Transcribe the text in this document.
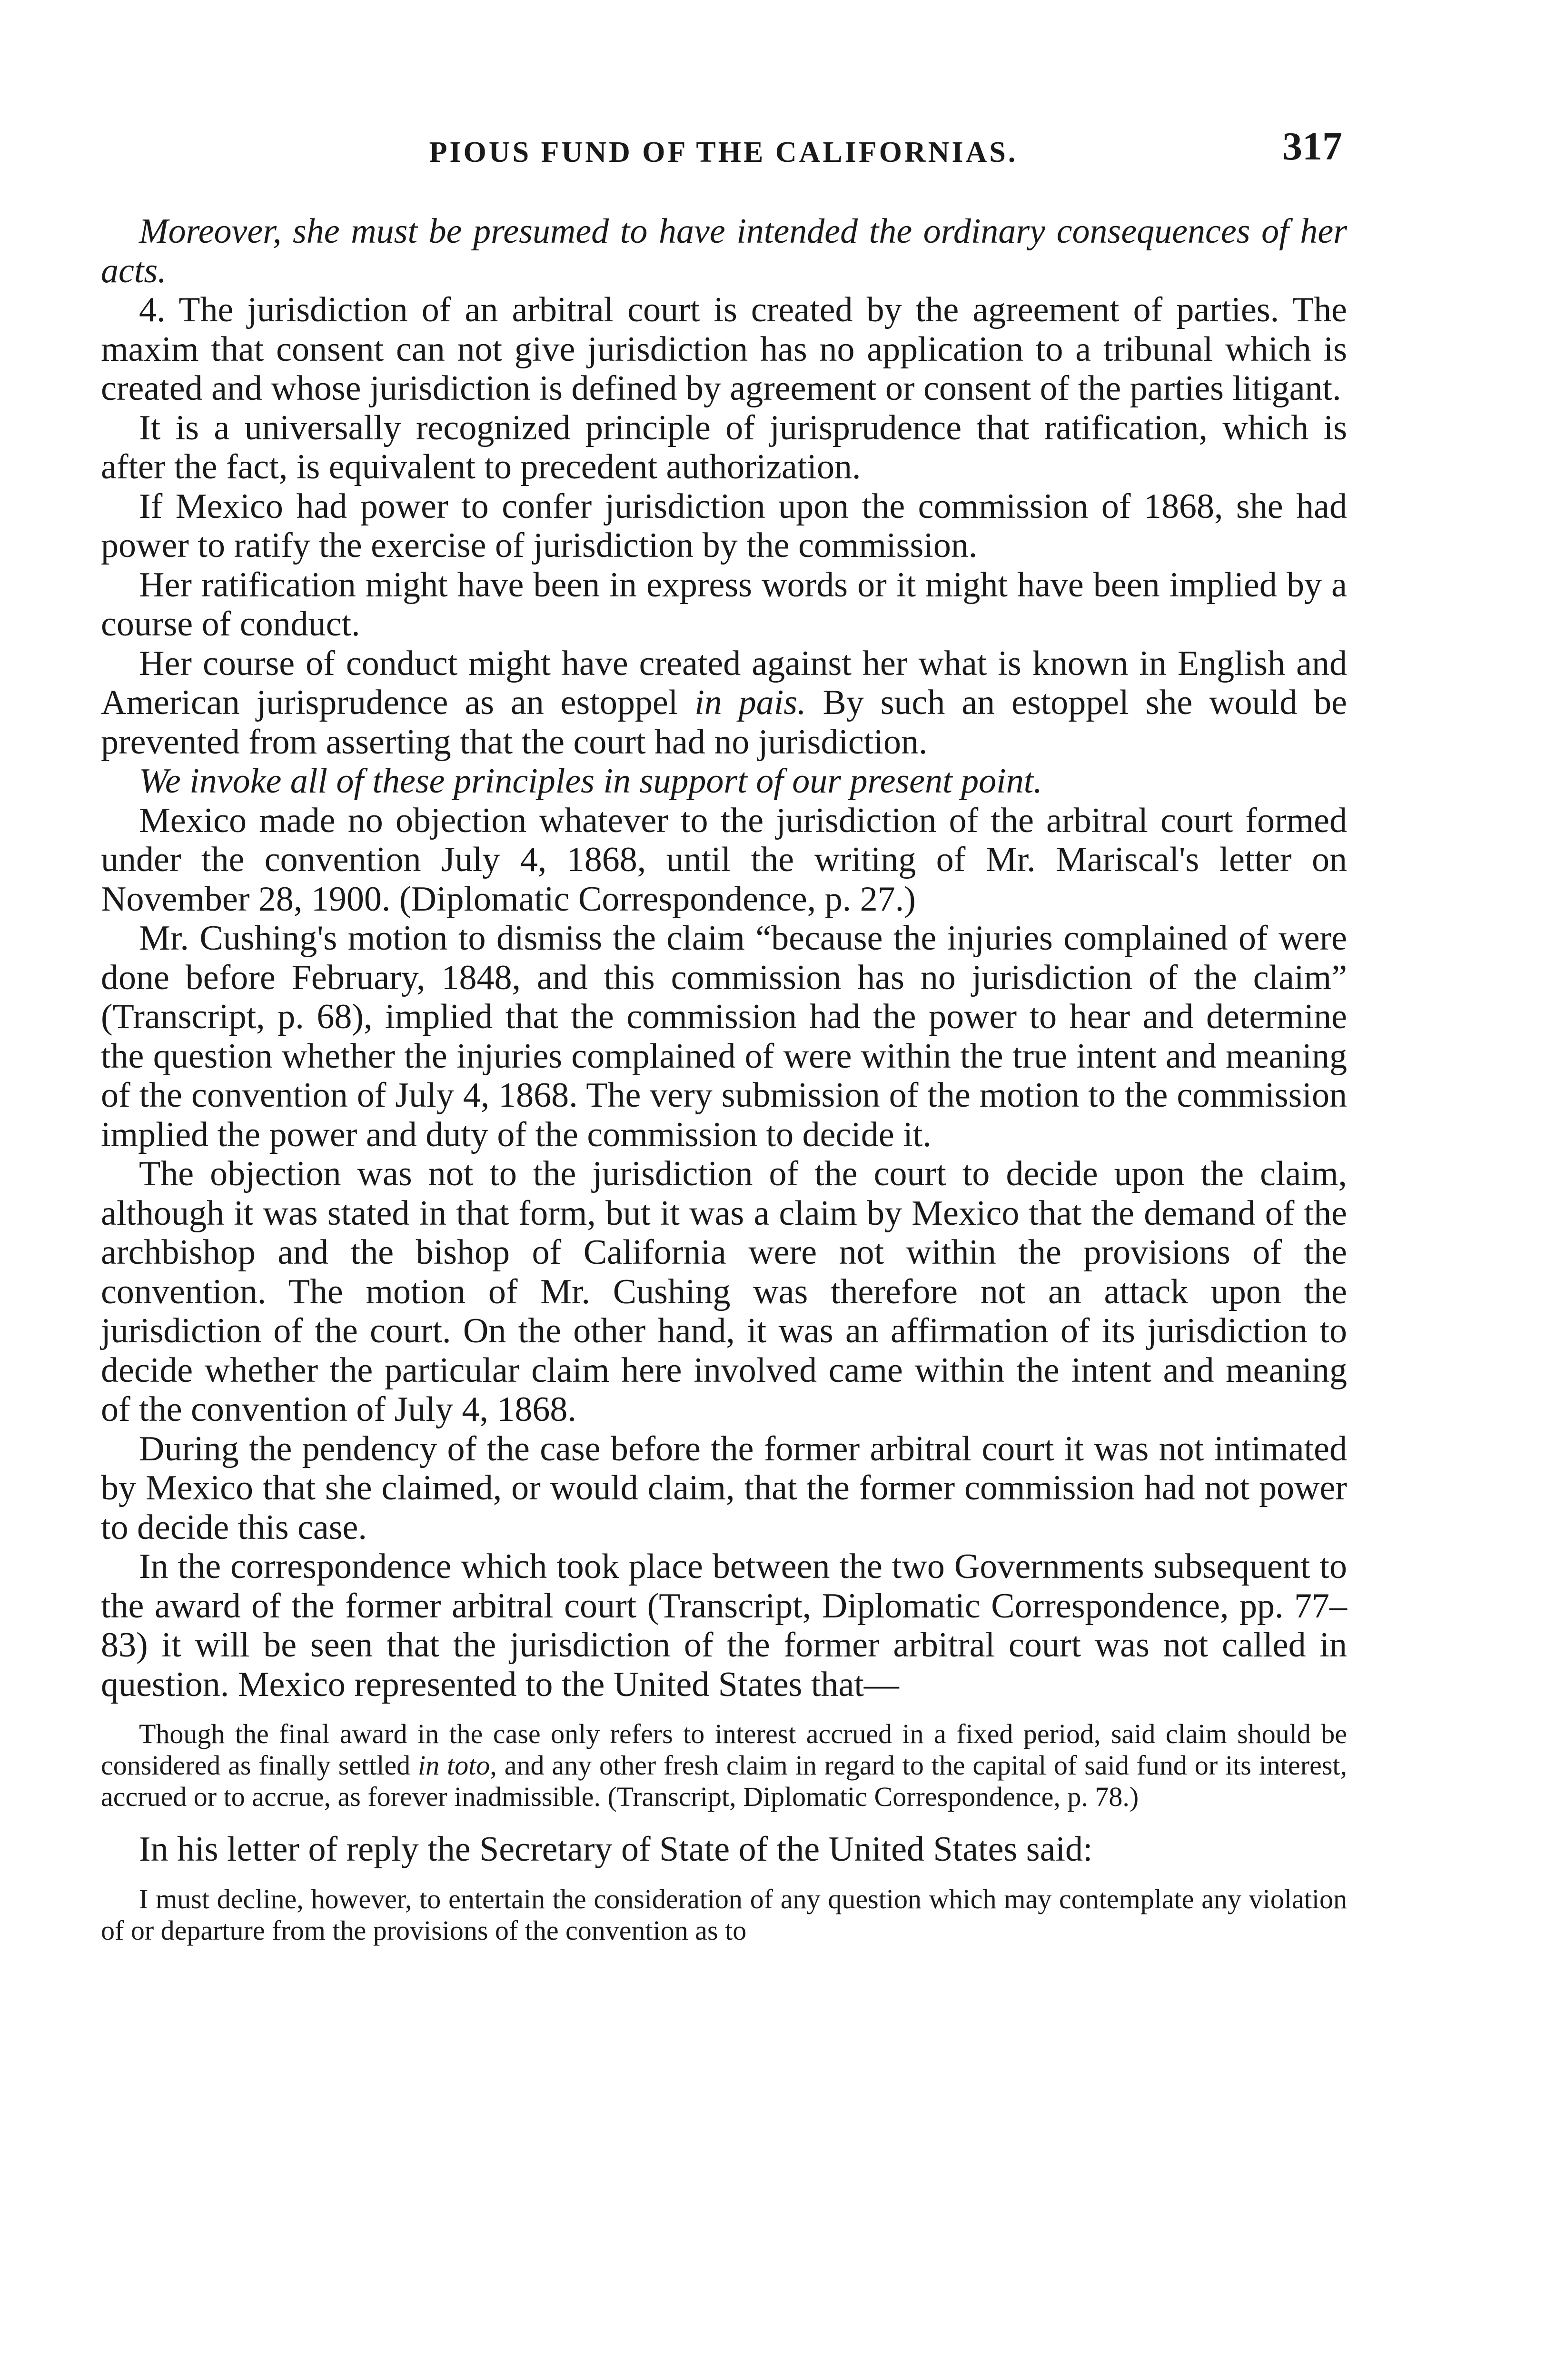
PIOUS FUND OF THE CALIFORNIAS.	317

Moreover, she must be presumed to have intended the ordinary consequences of her acts.

4. The jurisdiction of an arbitral court is created by the agreement of parties. The maxim that consent can not give jurisdiction has no application to a tribunal which is created and whose jurisdiction is defined by agreement or consent of the parties litigant.

It is a universally recognized principle of jurisprudence that ratification, which is after the fact, is equivalent to precedent authorization.

If Mexico had power to confer jurisdiction upon the commission of 1868, she had power to ratify the exercise of jurisdiction by the commission.

Her ratification might have been in express words or it might have been implied by a course of conduct.

Her course of conduct might have created against her what is known in English and American jurisprudence as an estoppel in pais. By such an estoppel she would be prevented from asserting that the court had no jurisdiction.

We invoke all of these principles in support of our present point.

Mexico made no objection whatever to the jurisdiction of the arbitral court formed under the convention July 4, 1868, until the writing of Mr. Mariscal's letter on November 28, 1900. (Diplomatic Correspondence, p. 27.)

Mr. Cushing's motion to dismiss the claim “because the injuries complained of were done before February, 1848, and this commission has no jurisdiction of the claim” (Transcript, p. 68), implied that the commission had the power to hear and determine the question whether the injuries complained of were within the true intent and meaning of the convention of July 4, 1868. The very submission of the motion to the commission implied the power and duty of the commission to decide it.

The objection was not to the jurisdiction of the court to decide upon the claim, although it was stated in that form, but it was a claim by Mexico that the demand of the archbishop and the bishop of California were not within the provisions of the convention. The motion of Mr. Cushing was therefore not an attack upon the jurisdiction of the court. On the other hand, it was an affirmation of its jurisdiction to decide whether the particular claim here involved came within the intent and meaning of the convention of July 4, 1868.

During the pendency of the case before the former arbitral court it was not intimated by Mexico that she claimed, or would claim, that the former commission had not power to decide this case.

In the correspondence which took place between the two Governments subsequent to the award of the former arbitral court (Transcript, Diplomatic Correspondence, pp. 77–83) it will be seen that the jurisdiction of the former arbitral court was not called in question. Mexico represented to the United States that—

Though the final award in the case only refers to interest accrued in a fixed period, said claim should be considered as finally settled in toto, and any other fresh claim in regard to the capital of said fund or its interest, accrued or to accrue, as forever inadmissible. (Transcript, Diplomatic Correspondence, p. 78.)

In his letter of reply the Secretary of State of the United States said:

I must decline, however, to entertain the consideration of any question which may contemplate any violation of or departure from the provisions of the convention as to
